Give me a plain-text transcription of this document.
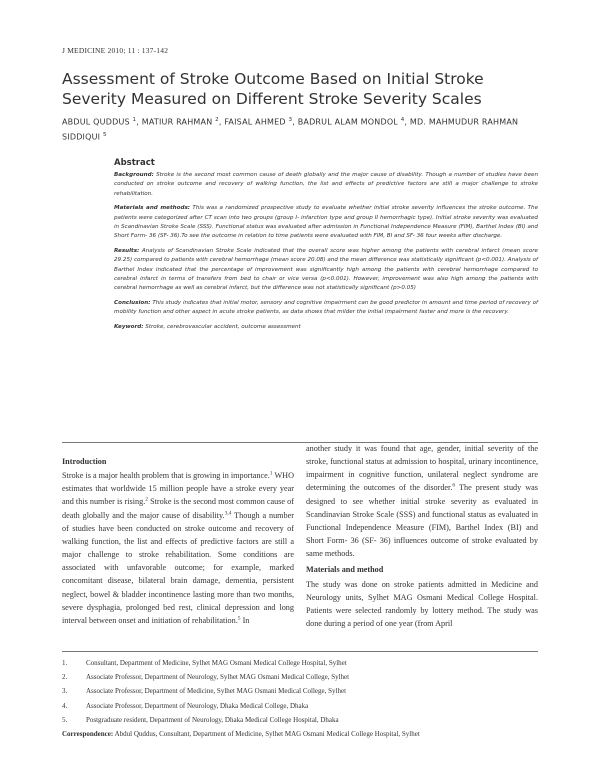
J MEDICINE 2010; 11 : 137-142
Assessment of Stroke Outcome Based on Initial Stroke Severity Measured on Different Stroke Severity Scales
ABDUL QUDDUS $^1$, MATIUR RAHMAN $^2$, FAISAL AHMED $^3$, BADRUL ALAM MONDOL $^4$, MD. MAHMUDUR RAHMAN SIDDIQUI $^5$
Abstract

Background: Stroke is the second most common cause of death globally and the major cause of disability. Though a number of studies have been conducted on stroke outcome and recovery of walking function, the list and effects of predictive factors are still a major challenge to stroke rehabilitation.

Materials and methods: This was a randomized prospective study to evaluate whether initial stroke severity influences the stroke outcome. The patients were categorized after CT scan into two groups (group I- infarction type and group II hemorrhagic type). Initial stroke severity was evaluated in Scandinavian Stroke Scale (SSS). Functional status was evaluated after admission in Functional Independence Measure (FIM), Barthel Index (BI) and Short Form- 36 (SF- 36).To see the outcome in relation to time patients were evaluated with FIM, BI and SF- 36 four weeks after discharge.

Results: Analysis of Scandinavian Stroke Scale indicated that the overall score was higher among the patients with cerebral infarct (mean score 29.25) compared to patients with cerebral hemorrhage (mean score 20.08) and the mean difference was statistically significant (p<0.001). Analysis of Barthel Index indicated that the percentage of improvement was significantly high among the patients with cerebral hemorrhage compared to cerebral infarct in terms of transfers from bed to chair or vice versa (p<0.001). However, improvement was also high among the patients with cerebral hemorrhage as well as cerebral infarct, but the difference was not statistically significant (p>0.05)

Conclusion: This study indicates that initial motor, sensory and cognitive impairment can be good predictor in amount and time period of recovery of mobility function and other aspect in acute stroke patients, as data shows that milder the initial impairment faster and more is the recovery.

Keyword: Stroke, cerebrovascular accident, outcome assessment

Introduction

Stroke is a major health problem that is growing in importance.$^1$ WHO estimates that worldwide 15 million people have a stroke every year and this number is rising.$^2$ Stroke is the second most common cause of death globally and the major cause of disability.$^{3,4}$ Though a number of studies have been conducted on stroke outcome and recovery of walking function, the list and effects of predictive factors are still a major challenge to stroke rehabilitation. Some conditions are associated with unfavorable outcome; for example, marked concomitant disease, bilateral brain damage, dementia, persistent neglect, bowel & bladder incontinence lasting more than two months, severe dysphagia, prolonged bed rest, clinical depression and long interval between onset and initiation of rehabilitation.$^5$ In

another study it was found that age, gender, initial severity of the stroke, functional status at admission to hospital, urinary incontinence, impairment in cognitive function, unilateral neglect syndrome are determining the outcomes of the disorder.$^6$ The present study was designed to see whether initial stroke severity as evaluated in Scandinavian Stroke Scale (SSS) and functional status as evaluated in Functional Independence Measure (FIM), Barthel Index (BI) and Short Form- 36 (SF- 36) influences outcome of stroke evaluated by same methods.

Materials and method

The study was done on stroke patients admitted in Medicine and Neurology units, Sylhet MAG Osmani Medical College Hospital. Patients were selected randomly by lottery method. The study was done during a period of one year (from April

1.	Consultant, Department of Medicine, Sylhet MAG Osmani Medical College Hospital, Sylhet
2.	Associate Professor, Department of Neurology, Sylhet MAG Osmani Medical College, Sylhet
3.	Associate Professor, Department of Medicine, Sylhet MAG Osmani Medical College, Sylhet
4.	Associate Professor, Department of Neurology, Dhaka Medical College, Dhaka
5.	Postgraduate resident, Department of Neurology, Dhaka Medical College Hospital, Dhaka
Correspondence: Abdul Quddus, Consultant, Department of Medicine, Sylhet MAG Osmani Medical College Hospital, Sylhet
